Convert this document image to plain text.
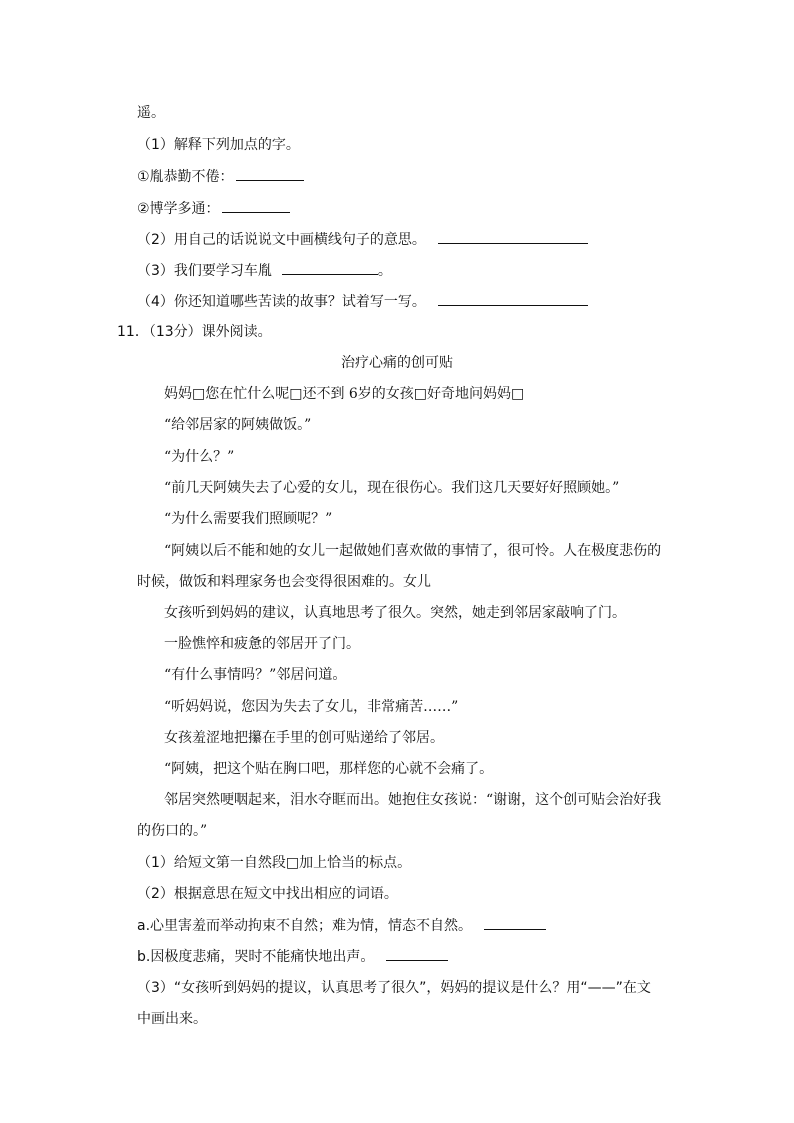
遥。
（1）解释下列加点的字。
①胤恭勤不倦：
②博学多通：
（2）用自己的话说说文中画横线句子的意思。
（3）我们要学习车胤	。
（4）你还知道哪些苦读的故事？试着写一写。
11．（13分）课外阅读。
治疗心痛的创可贴
妈妈□您在忙什么呢□还不到 6岁的女孩□好奇地问妈妈□
“给邻居家的阿姨做饭。”
“为什么？”
“前几天阿姨失去了心爱的女儿，现在很伤心。我们这几天要好好照顾她。”
“为什么需要我们照顾呢？”
“阿姨以后不能和她的女儿一起做她们喜欢做的事情了，很可怜。人在极度悲伤的
时候，做饭和料理家务也会变得很困难的。女儿
女孩听到妈妈的建议，认真地思考了很久。突然，她走到邻居家敲响了门。
一脸憔悴和疲惫的邻居开了门。
“有什么事情吗？”邻居问道。
“听妈妈说，您因为失去了女儿，非常痛苦……”
女孩羞涩地把攥在手里的创可贴递给了邻居。
“阿姨，把这个贴在胸口吧，那样您的心就不会痛了。
邻居突然哽咽起来，泪水夺眶而出。她抱住女孩说：“谢谢，这个创可贴会治好我
的伤口的。”
（1）给短文第一自然段□加上恰当的标点。
（2）根据意思在短文中找出相应的词语。
a.心里害羞而举动拘束不自然；难为情，情态不自然。
b.因极度悲痛，哭时不能痛快地出声。
（3）“女孩听到妈妈的提议，认真思考了很久”，妈妈的提议是什么？用“——”在文
中画出来。
